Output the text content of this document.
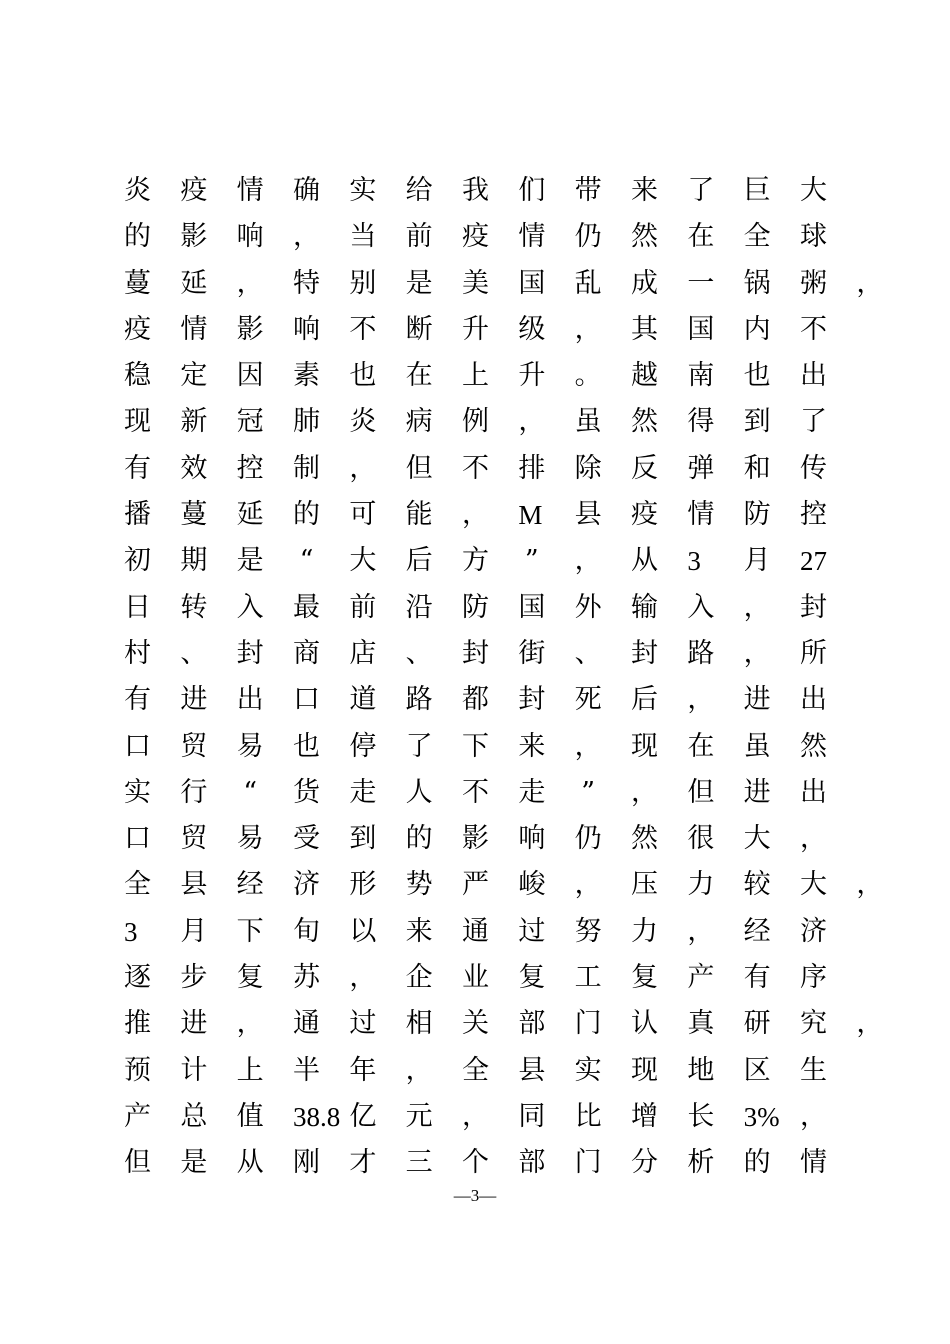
炎 疫 情 确 实 给 我 们 带 来 了 巨 大
的 影 响 ， 当 前 疫 情 仍 然 在 全 球
蔓 延 ， 特 别 是 美 国 乱 成 一 锅 粥 ，
疫 情 影 响 不 断 升 级 ， 其 国 内 不
稳 定 因 素 也 在 上 升 。 越 南 也 出
现 新 冠 肺 炎 病 例 ， 虽 然 得 到 了
有 效 控 制 ， 但 不 排 除 反 弹 和 传
播 蔓 延 的 可 能 ， M 县 疫 情 防 控
初 期 是 “ 大 后 方 ” ， 从 3 月 27
日 转 入 最 前 沿 防 国 外 输 入 ， 封
村 、 封 商 店 、 封 街 、 封 路 ， 所
有 进 出 口 道 路 都 封 死 后 ， 进 出
口 贸 易 也 停 了 下 来 ， 现 在 虽 然
实 行 “ 货 走 人 不 走 ” ， 但 进 出
口 贸 易 受 到 的 影 响 仍 然 很 大 ，
全 县 经 济 形 势 严 峻 ， 压 力 较 大 ，
3 月 下 旬 以 来 通 过 努 力 ， 经 济
逐 步 复 苏 ， 企 业 复 工 复 产 有 序
推 进 ， 通 过 相 关 部 门 认 真 研 究 ，
预 计 上 半 年 ， 全 县 实 现 地 区 生
产 总 值 38.8 亿 元 ， 同 比 增 长 3% ，
但 是 从 刚 才 三 个 部 门 分 析 的 情
—3—
